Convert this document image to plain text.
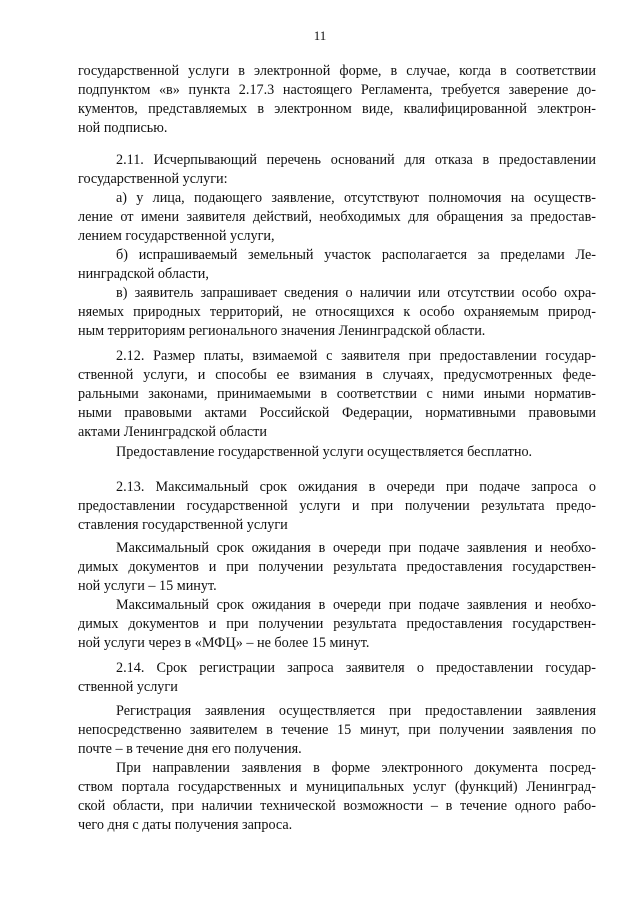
11
государственной услуги в электронной форме, в случае, когда в соответствии
подпунктом «в» пункта 2.17.3 настоящего Регламента, требуется заверение до-
кументов, представляемых в электронном виде, квалифицированной электрон-
ной подписью.
2.11. Исчерпывающий перечень оснований для отказа в предоставлении
государственной услуги:
а) у лица, подающего заявление, отсутствуют полномочия на осуществ-
ление от имени заявителя действий, необходимых для обращения за предостав-
лением государственной услуги,
б) испрашиваемый земельный участок располагается за пределами Ле-
нинградской области,
в) заявитель запрашивает сведения о наличии или отсутствии особо охра-
няемых природных территорий, не относящихся к особо охраняемым природ-
ным территориям регионального значения Ленинградской области.
2.12. Размер платы, взимаемой с заявителя при предоставлении государ-
ственной услуги, и способы ее взимания в случаях, предусмотренных феде-
ральными законами, принимаемыми в соответствии с ними иными норматив-
ными правовыми актами Российской Федерации, нормативными правовыми
актами Ленинградской области
Предоставление государственной услуги осуществляется бесплатно.
2.13. Максимальный срок ожидания в очереди при подаче запроса о
предоставлении государственной услуги и при получении результата предо-
ставления государственной услуги
Максимальный срок ожидания в очереди при подаче заявления и необхо-
димых документов и при получении результата предоставления государствен-
ной услуги – 15 минут.
Максимальный срок ожидания в очереди при подаче заявления и необхо-
димых документов и при получении результата предоставления государствен-
ной услуги через в «МФЦ» – не более 15 минут.
2.14. Срок регистрации запроса заявителя о предоставлении государ-
ственной услуги
Регистрация заявления осуществляется при предоставлении заявления
непосредственно заявителем в течение 15 минут, при получении заявления по
почте – в течение дня его получения.
При направлении заявления в форме электронного документа посред-
ством портала государственных и муниципальных услуг (функций) Ленинград-
ской области, при наличии технической возможности – в течение одного рабо-
чего дня с даты получения запроса.
